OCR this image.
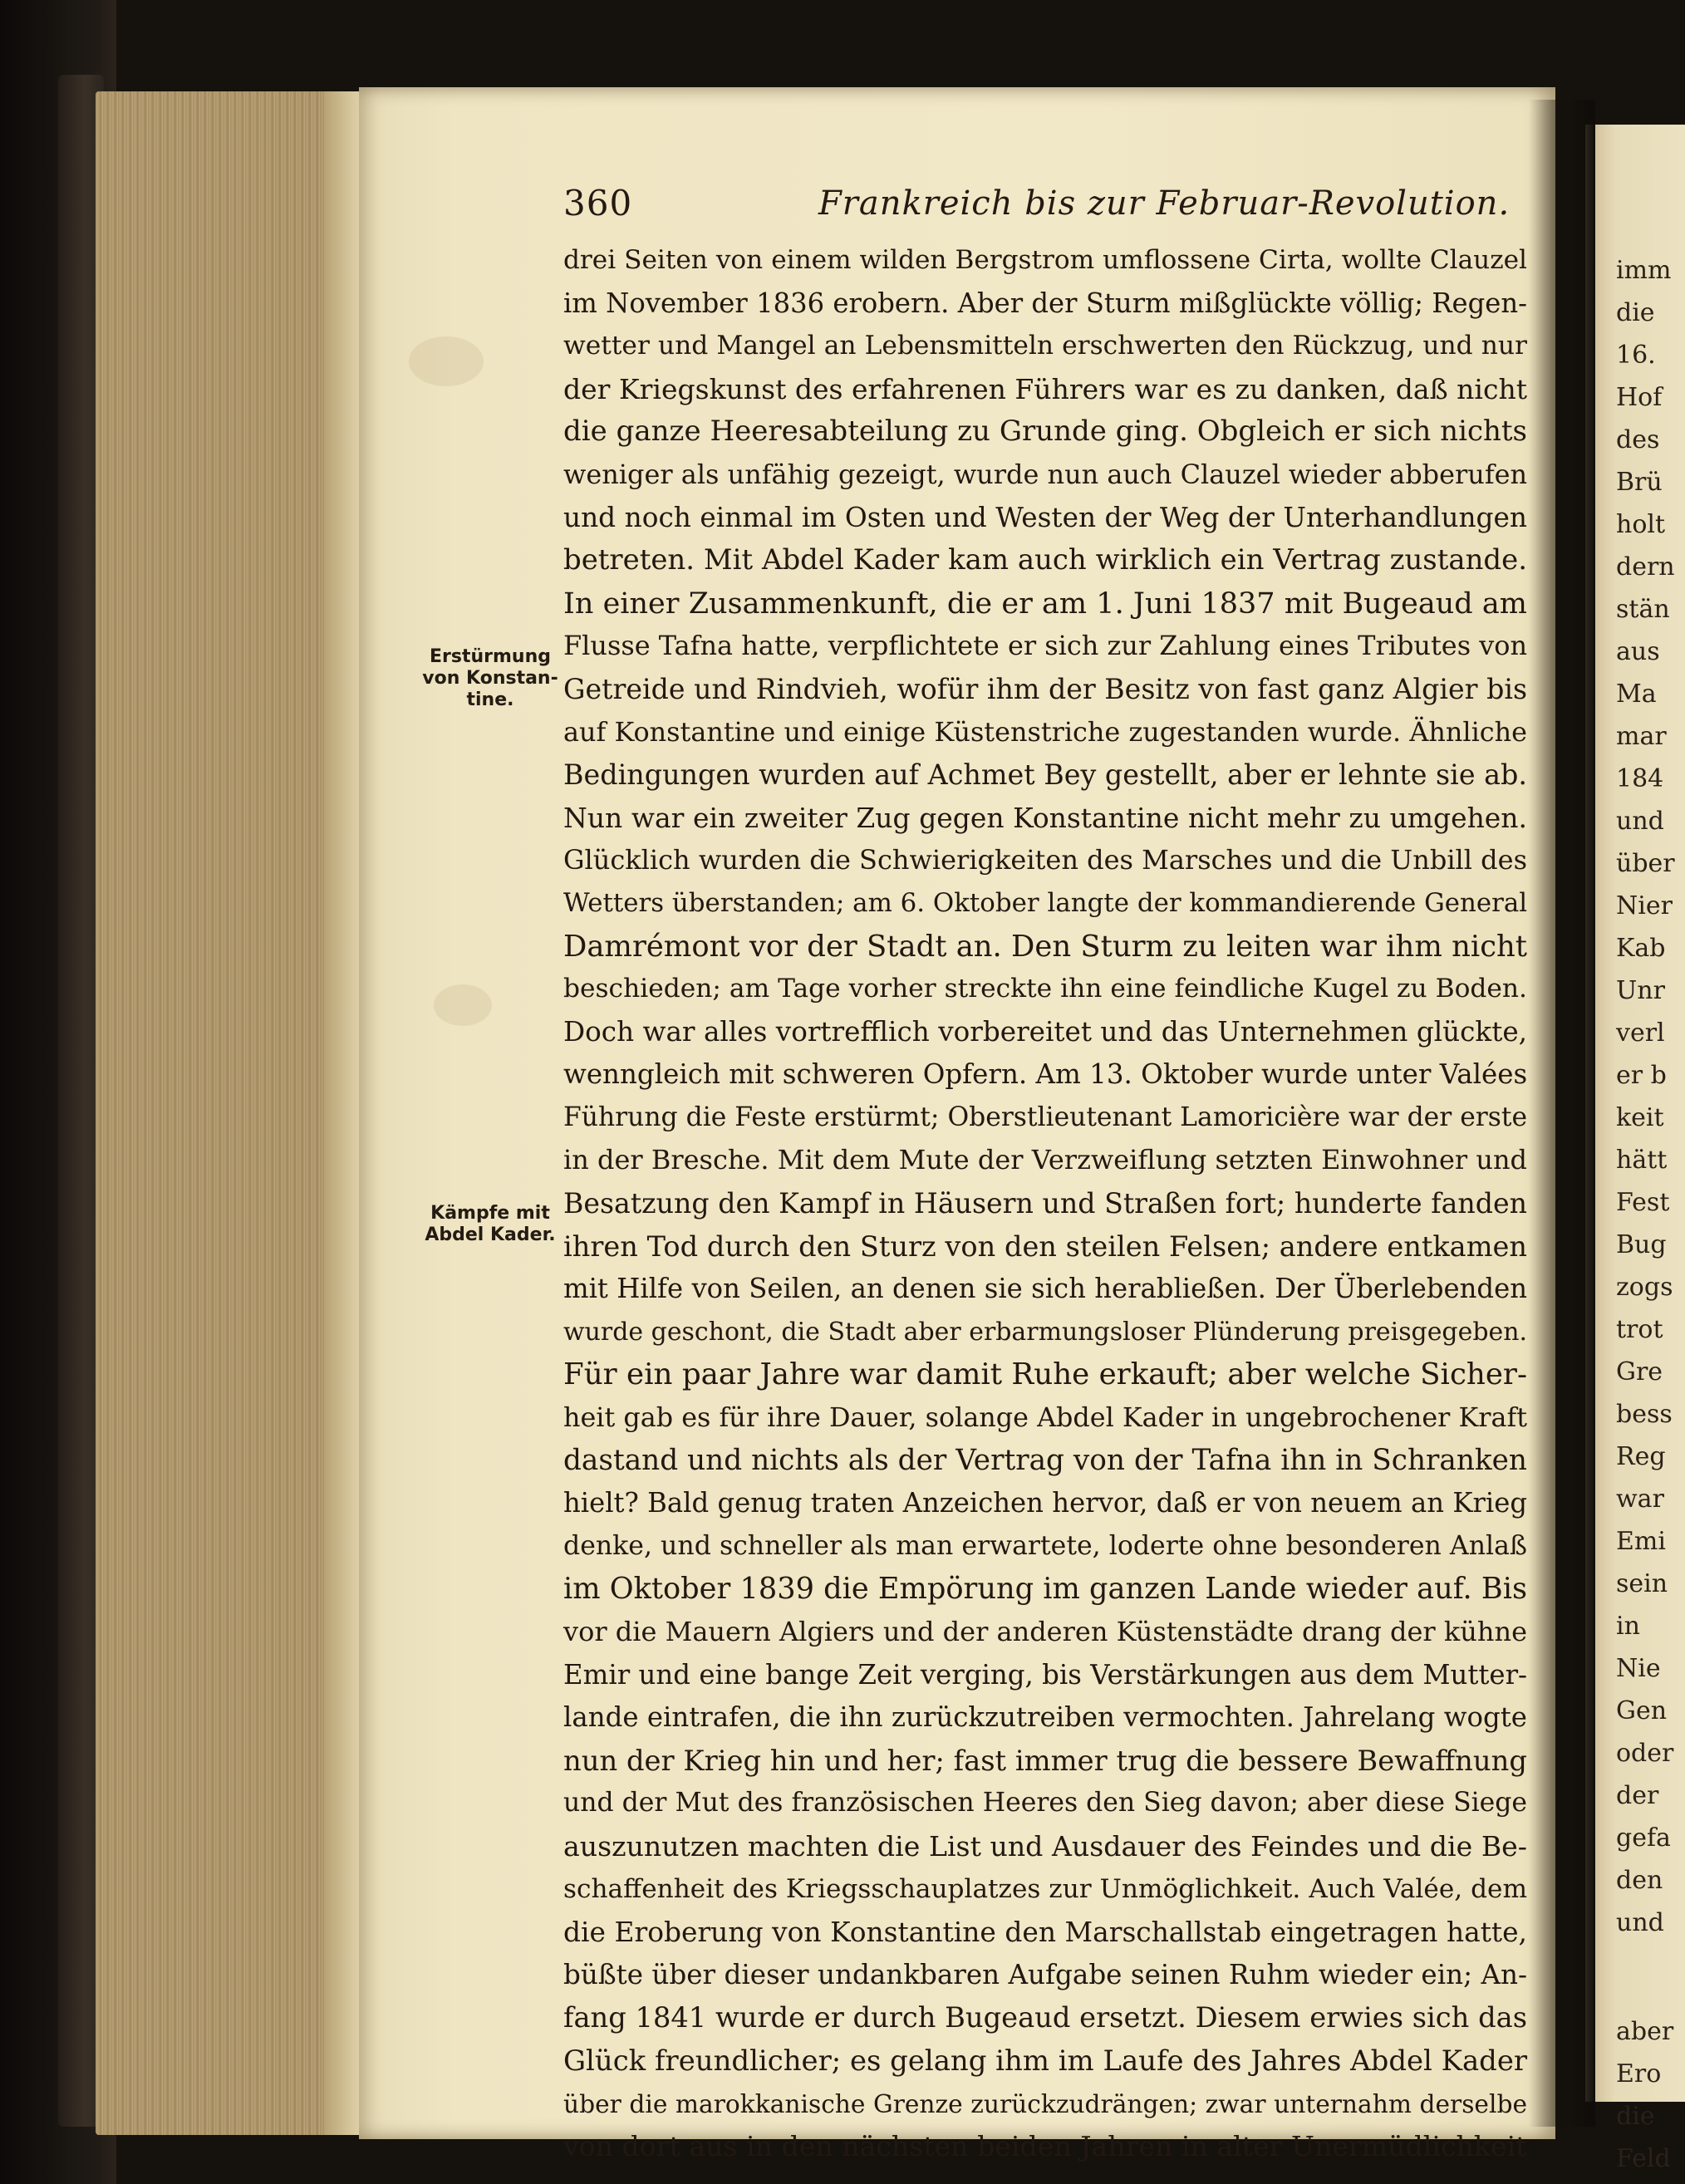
imm
die
16.
Hof
des
Brü
holt
dern
stän
aus
Ma
mar
184
und
über
Nier
Kab
Unr
verl
er b
keit
hätt
Fest
Bug
zogs
trot
Gre
bess
Reg
war
Emi
sein
in
Nie
Gen
oder
der
gefa
den
und
aber
Ero
die
Feld
360	Frankreich bis zur Februar-Revolution.
Erstürmung
von Konstan-
tine.
Kämpfe mit
Abdel Kader.
drei Seiten von einem wilden Bergstrom umflossene Cirta, wollte Clauzel
im November 1836 erobern. Aber der Sturm mißglückte völlig; Regen-
wetter und Mangel an Lebensmitteln erschwerten den Rückzug, und nur
der Kriegskunst des erfahrenen Führers war es zu danken, daß nicht
die ganze Heeresabteilung zu Grunde ging. Obgleich er sich nichts
weniger als unfähig gezeigt, wurde nun auch Clauzel wieder abberufen
und noch einmal im Osten und Westen der Weg der Unterhandlungen
betreten. Mit Abdel Kader kam auch wirklich ein Vertrag zustande.
In einer Zusammenkunft, die er am 1. Juni 1837 mit Bugeaud am
Flusse Tafna hatte, verpflichtete er sich zur Zahlung eines Tributes von
Getreide und Rindvieh, wofür ihm der Besitz von fast ganz Algier bis
auf Konstantine und einige Küstenstriche zugestanden wurde. Ähnliche
Bedingungen wurden auf Achmet Bey gestellt, aber er lehnte sie ab.
Nun war ein zweiter Zug gegen Konstantine nicht mehr zu umgehen.
Glücklich wurden die Schwierigkeiten des Marsches und die Unbill des
Wetters überstanden; am 6. Oktober langte der kommandierende General
Damrémont vor der Stadt an. Den Sturm zu leiten war ihm nicht
beschieden; am Tage vorher streckte ihn eine feindliche Kugel zu Boden.
Doch war alles vortrefflich vorbereitet und das Unternehmen glückte,
wenngleich mit schweren Opfern. Am 13. Oktober wurde unter Valées
Führung die Feste erstürmt; Oberstlieutenant Lamoricière war der erste
in der Bresche. Mit dem Mute der Verzweiflung setzten Einwohner und
Besatzung den Kampf in Häusern und Straßen fort; hunderte fanden
ihren Tod durch den Sturz von den steilen Felsen; andere entkamen
mit Hilfe von Seilen, an denen sie sich herabließen. Der Überlebenden
wurde geschont, die Stadt aber erbarmungsloser Plünderung preisgegeben.
Für ein paar Jahre war damit Ruhe erkauft; aber welche Sicher-
heit gab es für ihre Dauer, solange Abdel Kader in ungebrochener Kraft
dastand und nichts als der Vertrag von der Tafna ihn in Schranken
hielt? Bald genug traten Anzeichen hervor, daß er von neuem an Krieg
denke, und schneller als man erwartete, loderte ohne besonderen Anlaß
im Oktober 1839 die Empörung im ganzen Lande wieder auf. Bis
vor die Mauern Algiers und der anderen Küstenstädte drang der kühne
Emir und eine bange Zeit verging, bis Verstärkungen aus dem Mutter-
lande eintrafen, die ihn zurückzutreiben vermochten. Jahrelang wogte
nun der Krieg hin und her; fast immer trug die bessere Bewaffnung
und der Mut des französischen Heeres den Sieg davon; aber diese Siege
auszunutzen machten die List und Ausdauer des Feindes und die Be-
schaffenheit des Kriegsschauplatzes zur Unmöglichkeit. Auch Valée, dem
die Eroberung von Konstantine den Marschallstab eingetragen hatte,
büßte über dieser undankbaren Aufgabe seinen Ruhm wieder ein; An-
fang 1841 wurde er durch Bugeaud ersetzt. Diesem erwies sich das
Glück freundlicher; es gelang ihm im Laufe des Jahres Abdel Kader
über die marokkanische Grenze zurückzudrängen; zwar unternahm derselbe
von dort aus in den nächsten beiden Jahren in alter Unermüdlichkeit
